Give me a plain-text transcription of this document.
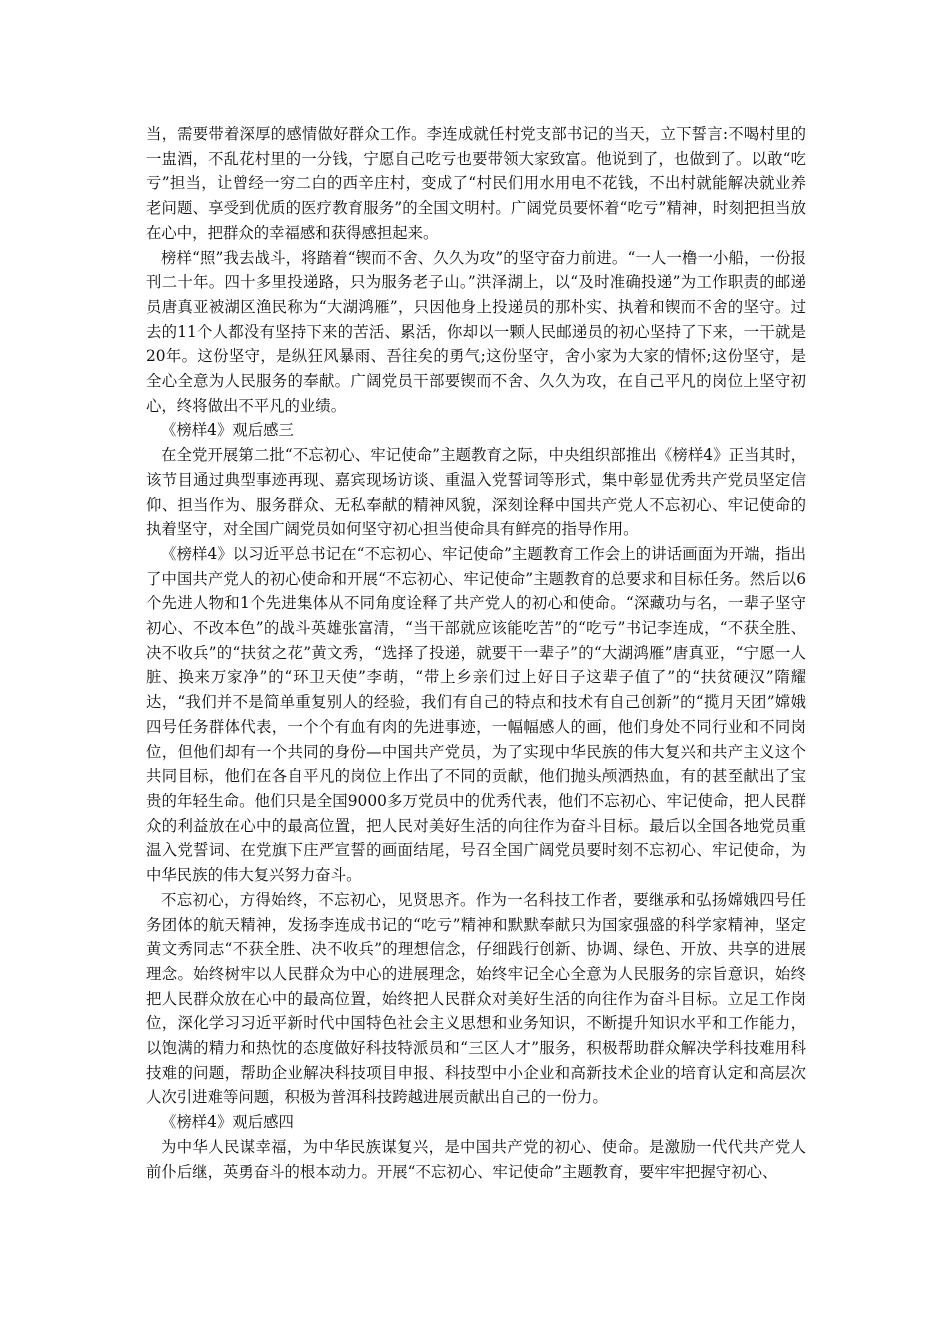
当，需要带着深厚的感情做好群众工作。李连成就任村党支部书记的当天，立下誓言:不喝村里的一盅酒，不乱花村里的一分钱，宁愿自己吃亏也要带领大家致富。他说到了，也做到了。以敢“吃亏”担当，让曾经一穷二白的西辛庄村，变成了“村民们用水用电不花钱，不出村就能解决就业养老问题、享受到优质的医疗教育服务”的全国文明村。广阔党员要怀着“吃亏”精神，时刻把担当放在心中，把群众的幸福感和获得感担起来。

榜样“照”我去战斗，将踏着“锲而不舍、久久为攻”的坚守奋力前进。“一人一橹一小船，一份报刊二十年。四十多里投递路，只为服务老子山。”洪泽湖上，以“及时准确投递”为工作职责的邮递员唐真亚被湖区渔民称为“大湖鸿雁”，只因他身上投递员的那朴实、执着和锲而不舍的坚守。过去的11个人都没有坚持下来的苦活、累活，你却以一颗人民邮递员的初心坚持了下来，一干就是20年。这份坚守，是纵狂风暴雨、吾往矣的勇气;这份坚守，舍小家为大家的情怀;这份坚守，是全心全意为人民服务的奉献。广阔党员干部要锲而不舍、久久为攻，在自己平凡的岗位上坚守初心，终将做出不平凡的业绩。

《榜样4》观后感三

在全党开展第二批“不忘初心、牢记使命”主题教育之际，中央组织部推出《榜样4》正当其时，该节目通过典型事迹再现、嘉宾现场访谈、重温入党誓词等形式，集中彰显优秀共产党员坚定信仰、担当作为、服务群众、无私奉献的精神风貌，深刻诠释中国共产党人不忘初心、牢记使命的执着坚守，对全国广阔党员如何坚守初心担当使命具有鲜亮的指导作用。

《榜样4》以习近平总书记在“不忘初心、牢记使命”主题教育工作会上的讲话画面为开端，指出了中国共产党人的初心使命和开展“不忘初心、牢记使命”主题教育的总要求和目标任务。然后以6个先进人物和1个先进集体从不同角度诠释了共产党人的初心和使命。“深藏功与名，一辈子坚守初心、不改本色”的战斗英雄张富清，“当干部就应该能吃苦”的“吃亏”书记李连成，“不获全胜、决不收兵”的“扶贫之花”黄文秀，“选择了投递，就要干一辈子”的“大湖鸿雁”唐真亚，“宁愿一人脏、换来万家净”的“环卫天使”李萌，“带上乡亲们过上好日子这辈子值了”的“扶贫硬汉”隋耀达，“我们并不是简单重复别人的经验，我们有自己的特点和技术有自己创新”的“揽月天团”嫦娥四号任务群体代表，一个个有血有肉的先进事迹，一幅幅感人的画，他们身处不同行业和不同岗位，但他们却有一个共同的身份—中国共产党员，为了实现中华民族的伟大复兴和共产主义这个共同目标，他们在各自平凡的岗位上作出了不同的贡献，他们抛头颅洒热血，有的甚至献出了宝贵的年轻生命。他们只是全国9000多万党员中的优秀代表，他们不忘初心、牢记使命，把人民群众的利益放在心中的最高位置，把人民对美好生活的向往作为奋斗目标。最后以全国各地党员重温入党誓词、在党旗下庄严宣誓的画面结尾，号召全国广阔党员要时刻不忘初心、牢记使命，为中华民族的伟大复兴努力奋斗。

不忘初心，方得始终，不忘初心，见贤思齐。作为一名科技工作者，要继承和弘扬嫦娥四号任务团体的航天精神，发扬李连成书记的“吃亏”精神和默默奉献只为国家强盛的科学家精神，坚定黄文秀同志“不获全胜、决不收兵”的理想信念，仔细践行创新、协调、绿色、开放、共享的进展理念。始终树牢以人民群众为中心的进展理念，始终牢记全心全意为人民服务的宗旨意识，始终把人民群众放在心中的最高位置，始终把人民群众对美好生活的向往作为奋斗目标。立足工作岗位，深化学习习近平新时代中国特色社会主义思想和业务知识，不断提升知识水平和工作能力，以饱满的精力和热忱的态度做好科技特派员和“三区人才”服务，积极帮助群众解决学科技难用科技难的问题，帮助企业解决科技项目申报、科技型中小企业和高新技术企业的培育认定和高层次人次引进难等问题，积极为普洱科技跨越进展贡献出自己的一份力。

《榜样4》观后感四

为中华人民谋幸福，为中华民族谋复兴，是中国共产党的初心、使命。是激励一代代共产党人前仆后继，英勇奋斗的根本动力。开展“不忘初心、牢记使命”主题教育，要牢牢把握守初心、
